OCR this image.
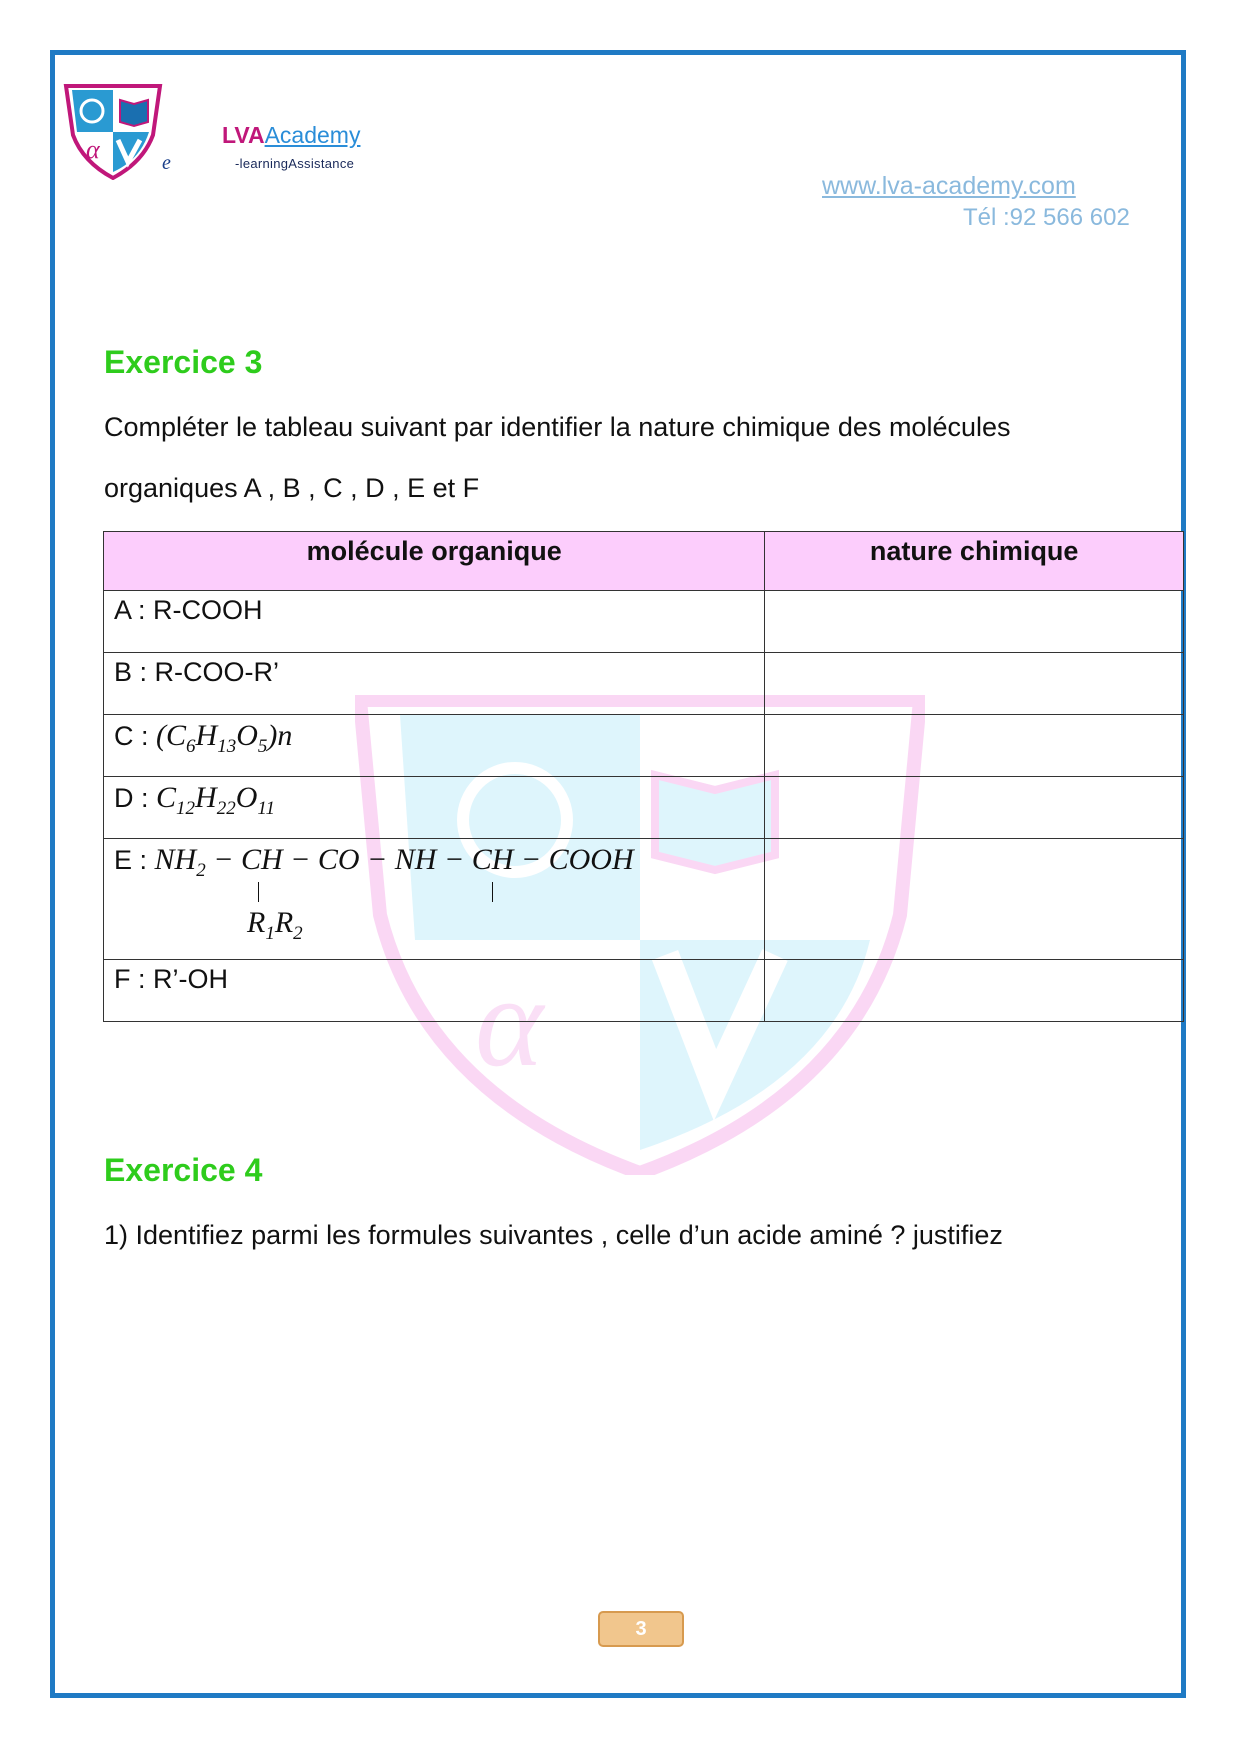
α	e
LVAAcademy
-learningAssistance
www.lva-academy.com
Tél :92 566 602
α
Exercice 3
Compléter le tableau suivant par identifier la nature chimique des molécules
organiques A , B , C , D , E et F
molécule organique	nature chimique
A : R-COOH	
B : R-COO-R’	
C : $(C_6H_{13}O_5)n$	
D : $C_{12}H_{22}O_{11}$	

E : $NH_2$ − CH − CO − NH − CH − COOH
$R_1R_2$

F : R’-OH	
Exercice 4
1) Identifiez parmi les formules suivantes , celle d’un acide aminé ? justifiez
3
